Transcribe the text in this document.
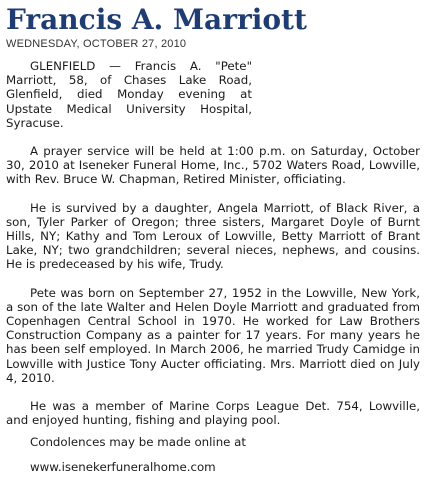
Francis A. Marriott
WEDNESDAY, OCTOBER 27, 2010

GLENFIELD — Francis A. "Pete" Marriott, 58, of Chases Lake Road, Glenfield, died Monday evening at Upstate Medical University Hospital, Syracuse.

A prayer service will be held at 1:00 p.m. on Saturday, October 30, 2010 at Iseneker Funeral Home, Inc., 5702 Waters Road, Lowville, with Rev. Bruce W. Chapman, Retired Minister, officiating.

He is survived by a daughter, Angela Marriott, of Black River, a son, Tyler Parker of Oregon; three sisters, Margaret Doyle of Burnt Hills, NY; Kathy and Tom Leroux of Lowville, Betty Marriott of Brant Lake, NY; two grandchildren; several nieces, nephews, and cousins. He is predeceased by his wife, Trudy.

Pete was born on September 27, 1952 in the Lowville, New York, a son of the late Walter and Helen Doyle Marriott and graduated from Copenhagen Central School in 1970. He worked for Law Brothers Construction Company as a painter for 17 years. For many years he has been self employed. In March 2006, he married Trudy Camidge in Lowville with Justice Tony Aucter officiating. Mrs. Marriott died on July 4, 2010.

He was a member of Marine Corps League Det. 754, Lowville, and enjoyed hunting, fishing and playing pool.

Condolences may be made online at

www.isenekerfuneralhome.com
